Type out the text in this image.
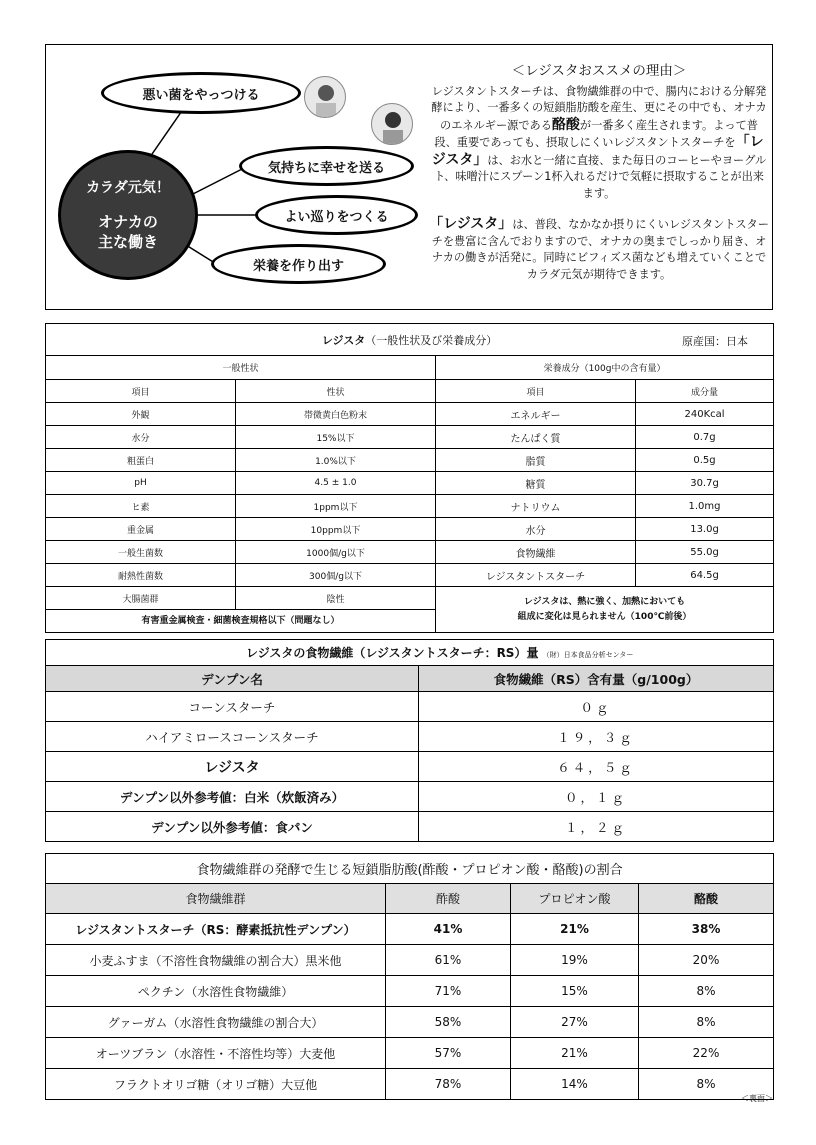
悪い菌をやっつける
気持ちに幸せを送る
よい巡りをつくる
栄養を作り出す
カラダ元気！
オナカの
主な働き
＜レジスタおススメの理由＞

レジスタントスターチは、食物繊維群の中で、腸内における分解発酵により、一番多くの短鎖脂肪酸を産生、更にその中でも、オナカのエネルギー源である酪酸が一番多く産生されます。よって普段、重要であっても、摂取しにくいレジスタントスターチを「レジスタ」は、お水と一緒に直接、また毎日のコーヒーやヨーグルト、味噌汁にスプーン1杯入れるだけで気軽に摂取することが出来ます。

「レジスタ」は、普段、なかなか摂りにくいレジスタントスターチを豊富に含んでおりますので、オナカの奥までしっかり届き、オナカの働きが活発に。同時にビフィズス菌なども増えていくことでカラダ元気が期待できます。

レジスタ（一般性状及び栄養成分） 原産国：日本			

一般性状		栄養成分（100g中の含有量）	
項目	性状	項目	成分量
外観	帯微黄白色粉末	エネルギー	240Kcal
水分	15%以下	たんぱく質	0.7g
粗蛋白	1.0%以下	脂質	0.5g
pH	4.5 ± 1.0	糖質	30.7g
ヒ素	1ppm以下	ナトリウム	1.0mg
重金属	10ppm以下	水分	13.0g
一般生菌数	1000個/g以下	食物繊維	55.0g
耐熱性菌数	300個/g以下	レジスタントスターチ	64.5g
大腸菌群	陰性	レジスタは、熱に強く、加熱においても
組成に変化は見られません（100℃前後）	
有害重金属検査・細菌検査規格以下（問題なし）			
レジスタの食物繊維（レジスタントスターチ：RS）量 （財）日本食品分析センター	
デンプン名	食物繊維（RS）含有量（g/100g）
コーンスターチ	０ｇ
ハイアミロースコーンスターチ	１９，３ｇ
レジスタ	６４，５ｇ
デンプン以外参考値：白米（炊飯済み）	０，１ｇ
デンプン以外参考値：食パン	１，２ｇ
食物繊維群の発酵で生じる短鎖脂肪酸(酢酸・プロピオン酸・酪酸)の割合			
食物繊維群	酢酸	プロピオン酸	酪酸
レジスタントスターチ（RS：酵素抵抗性デンプン）	41%	21%	38%
小麦ふすま（不溶性食物繊維の割合大）黒米他	61%	19%	20%
ペクチン（水溶性食物繊維）	71%	15%	8%
グァーガム（水溶性食物繊維の割合大）	58%	27%	8%
オーツブラン（水溶性・不溶性均等）大麦他	57%	21%	22%
フラクトオリゴ糖（オリゴ糖）大豆他	78%	14%	8%
＜裏面＞
